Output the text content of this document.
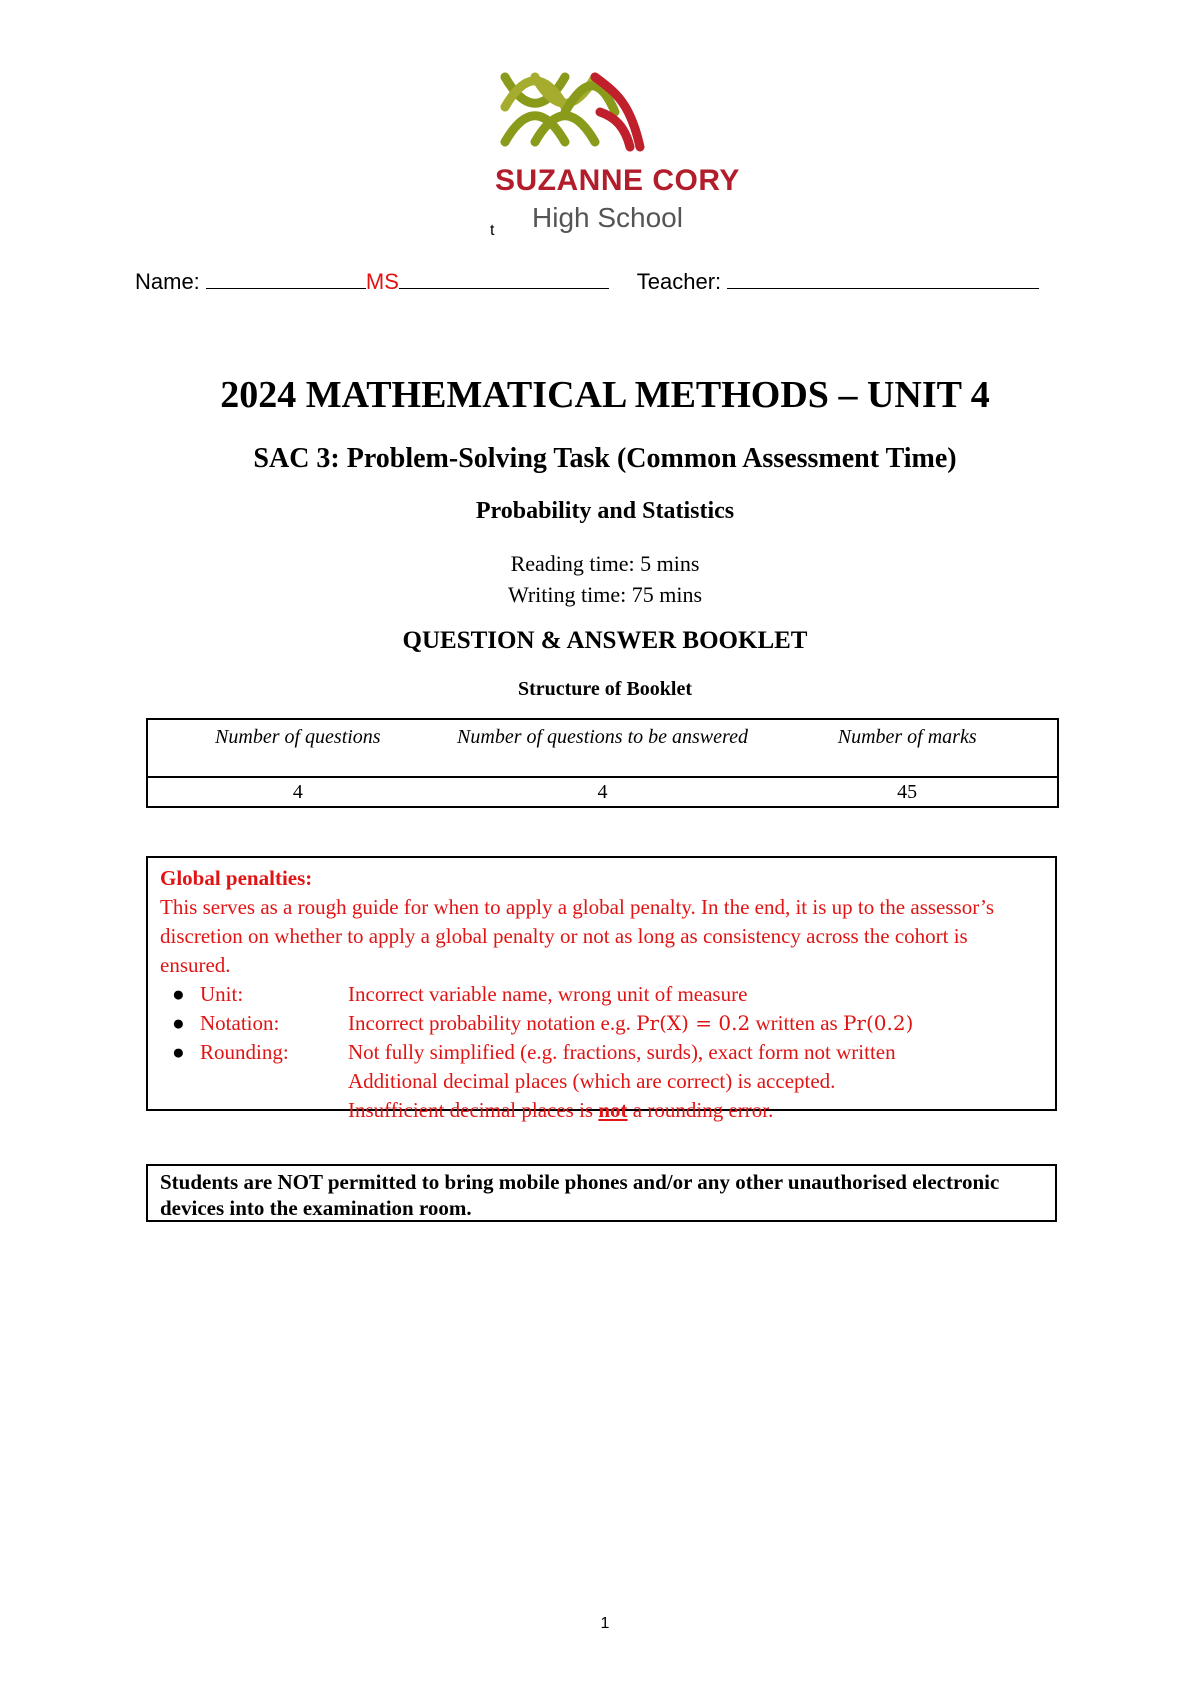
SUZANNE CORY
High School
t
Name:	MS	Teacher:
2024 MATHEMATICAL METHODS – UNIT 4
SAC 3: Problem-Solving Task (Common Assessment Time)
Probability and Statistics
Reading time: 5 mins
Writing time: 75 mins
QUESTION & ANSWER BOOKLET
Structure of Booklet
Number of questions	Number of questions to be answered	Number of marks
4	4	45
Global penalties:
This serves as a rough guide for when to apply a global penalty. In the end, it is up to the assessor’s discretion on whether to apply a global penalty or not as long as consistency across the cohort is ensured.
● Unit:	Incorrect variable name, wrong unit of measure
● Notation:	Incorrect probability notation e.g. Pr(X) = 0.2 written as Pr(0.2)
● Rounding:	Not fully simplified (e.g. fractions, surds), exact form not written
Additional decimal places (which are correct) is accepted.
Insufficient decimal places is not a rounding error.
Students are NOT permitted to bring mobile phones and/or any other unauthorised electronic devices into the examination room.
1
